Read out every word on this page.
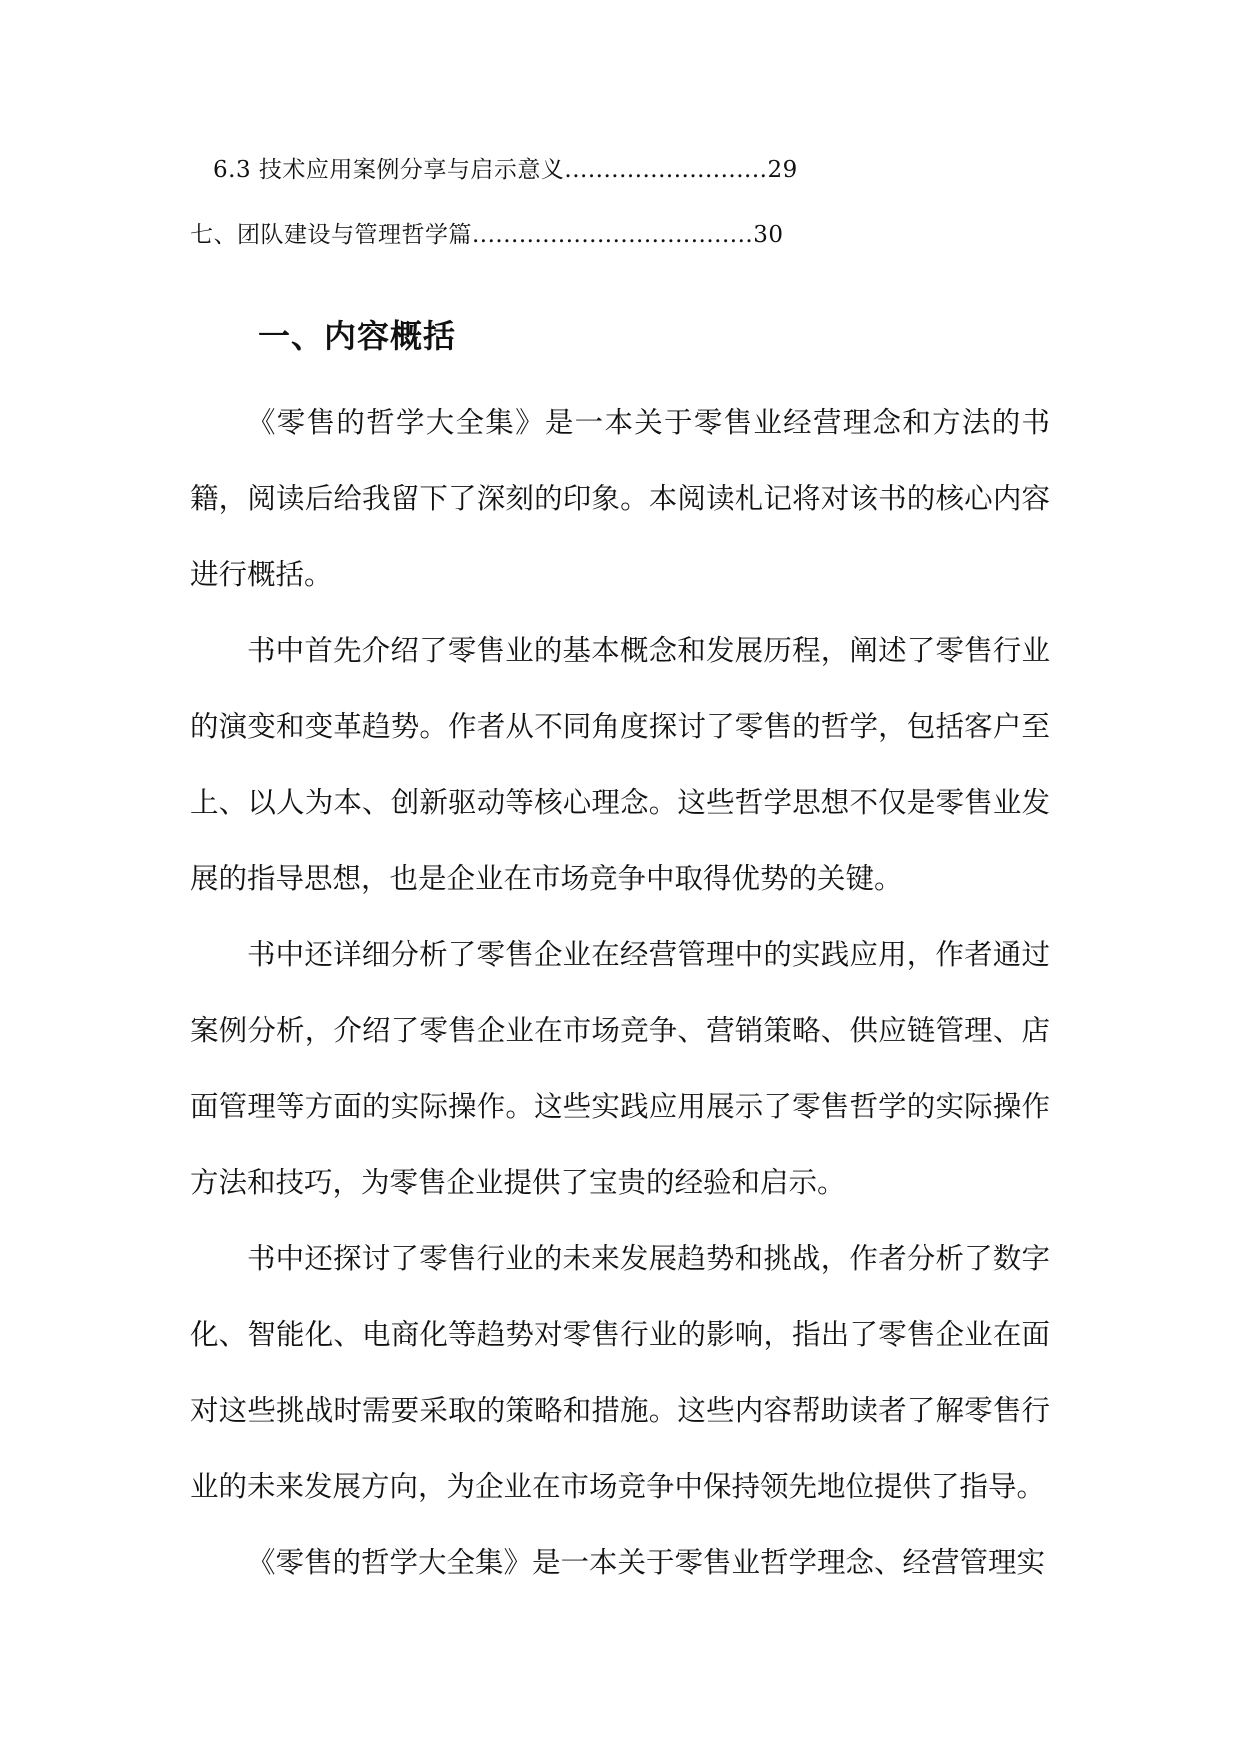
6.3 技术应用案例分享与启示意义..........................29
七、团队建设与管理哲学篇....................................30
一、内容概括

《零售的哲学大全集》是一本关于零售业经营理念和方法的书籍，阅读后给我留下了深刻的印象。本阅读札记将对该书的核心内容进行概括。

书中首先介绍了零售业的基本概念和发展历程，阐述了零售行业的演变和变革趋势。作者从不同角度探讨了零售的哲学，包括客户至上、以人为本、创新驱动等核心理念。这些哲学思想不仅是零售业发展的指导思想，也是企业在市场竞争中取得优势的关键。

书中还详细分析了零售企业在经营管理中的实践应用，作者通过案例分析，介绍了零售企业在市场竞争、营销策略、供应链管理、店面管理等方面的实际操作。这些实践应用展示了零售哲学的实际操作方法和技巧，为零售企业提供了宝贵的经验和启示。

书中还探讨了零售行业的未来发展趋势和挑战，作者分析了数字化、智能化、电商化等趋势对零售行业的影响，指出了零售企业在面对这些挑战时需要采取的策略和措施。这些内容帮助读者了解零售行业的未来发展方向，为企业在市场竞争中保持领先地位提供了指导。

《零售的哲学大全集》是一本关于零售业哲学理念、经营管理实
